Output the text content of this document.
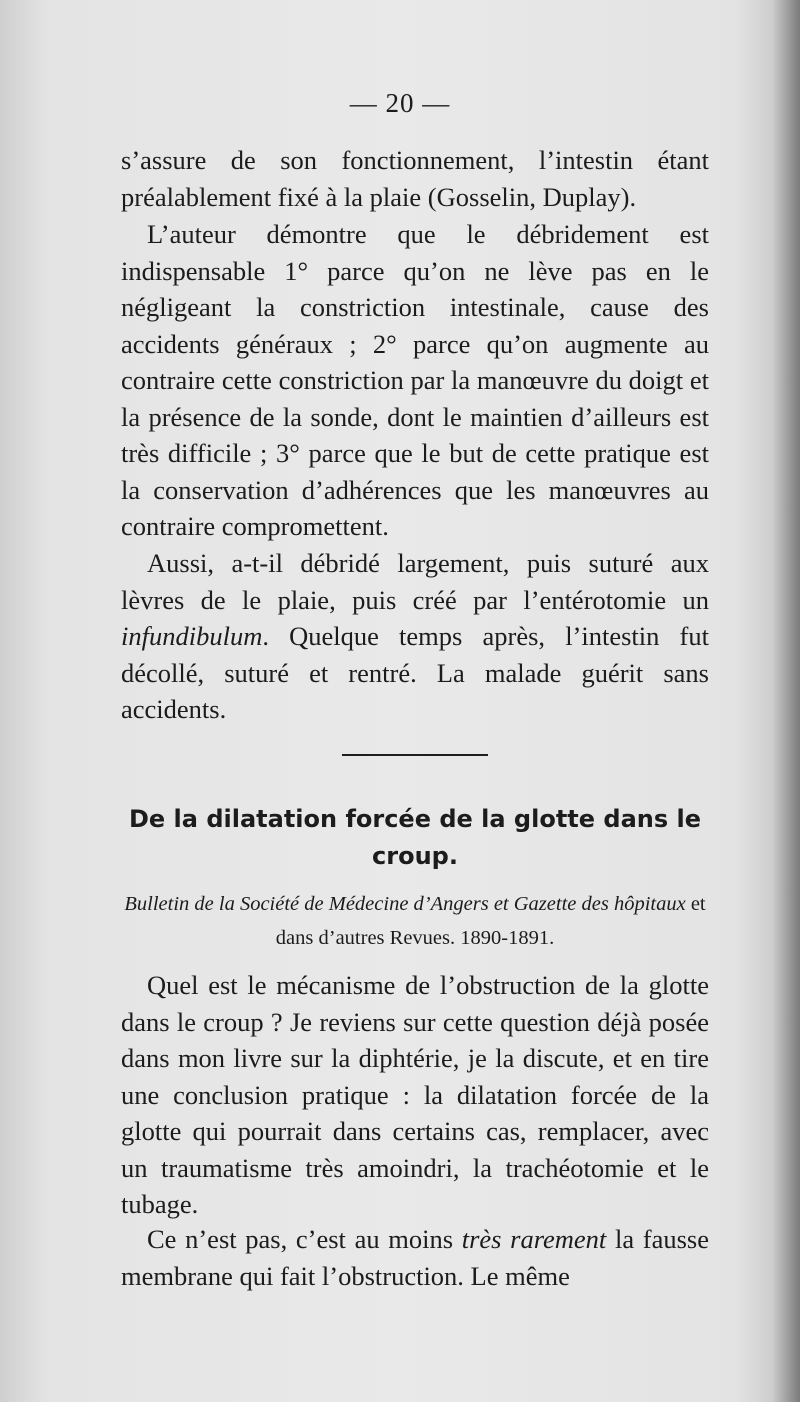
— 20 —

s’assure de son fonctionnement, l’intestin étant préalablement fixé à la plaie (Gosselin, Duplay).

L’auteur démontre que le débridement est indispensable 1° parce qu’on ne lève pas en le négligeant la constriction intestinale, cause des accidents généraux ; 2° parce qu’on augmente au contraire cette constriction par la manœuvre du doigt et la présence de la sonde, dont le maintien d’ailleurs est très difficile ; 3° parce que le but de cette pratique est la conservation d’adhérences que les manœuvres au contraire compromettent.

Aussi, a-t-il débridé largement, puis suturé aux lèvres de le plaie, puis créé par l’entérotomie un infundibulum. Quelque temps après, l’intestin fut décollé, suturé et rentré. La malade guérit sans accidents.

De la dilatation forcée de la glotte dans le croup.
Bulletin de la Société de Médecine d’Angers et Gazette des hôpitaux et dans d’autres Revues. 1890-1891.

Quel est le mécanisme de l’obstruction de la glotte dans le croup ? Je reviens sur cette question déjà posée dans mon livre sur la diphtérie, je la discute, et en tire une conclusion pratique : la dilatation forcée de la glotte qui pourrait dans certains cas, remplacer, avec un traumatisme très amoindri, la trachéotomie et le tubage.

Ce n’est pas, c’est au moins très rarement la fausse membrane qui fait l’obstruction. Le même
